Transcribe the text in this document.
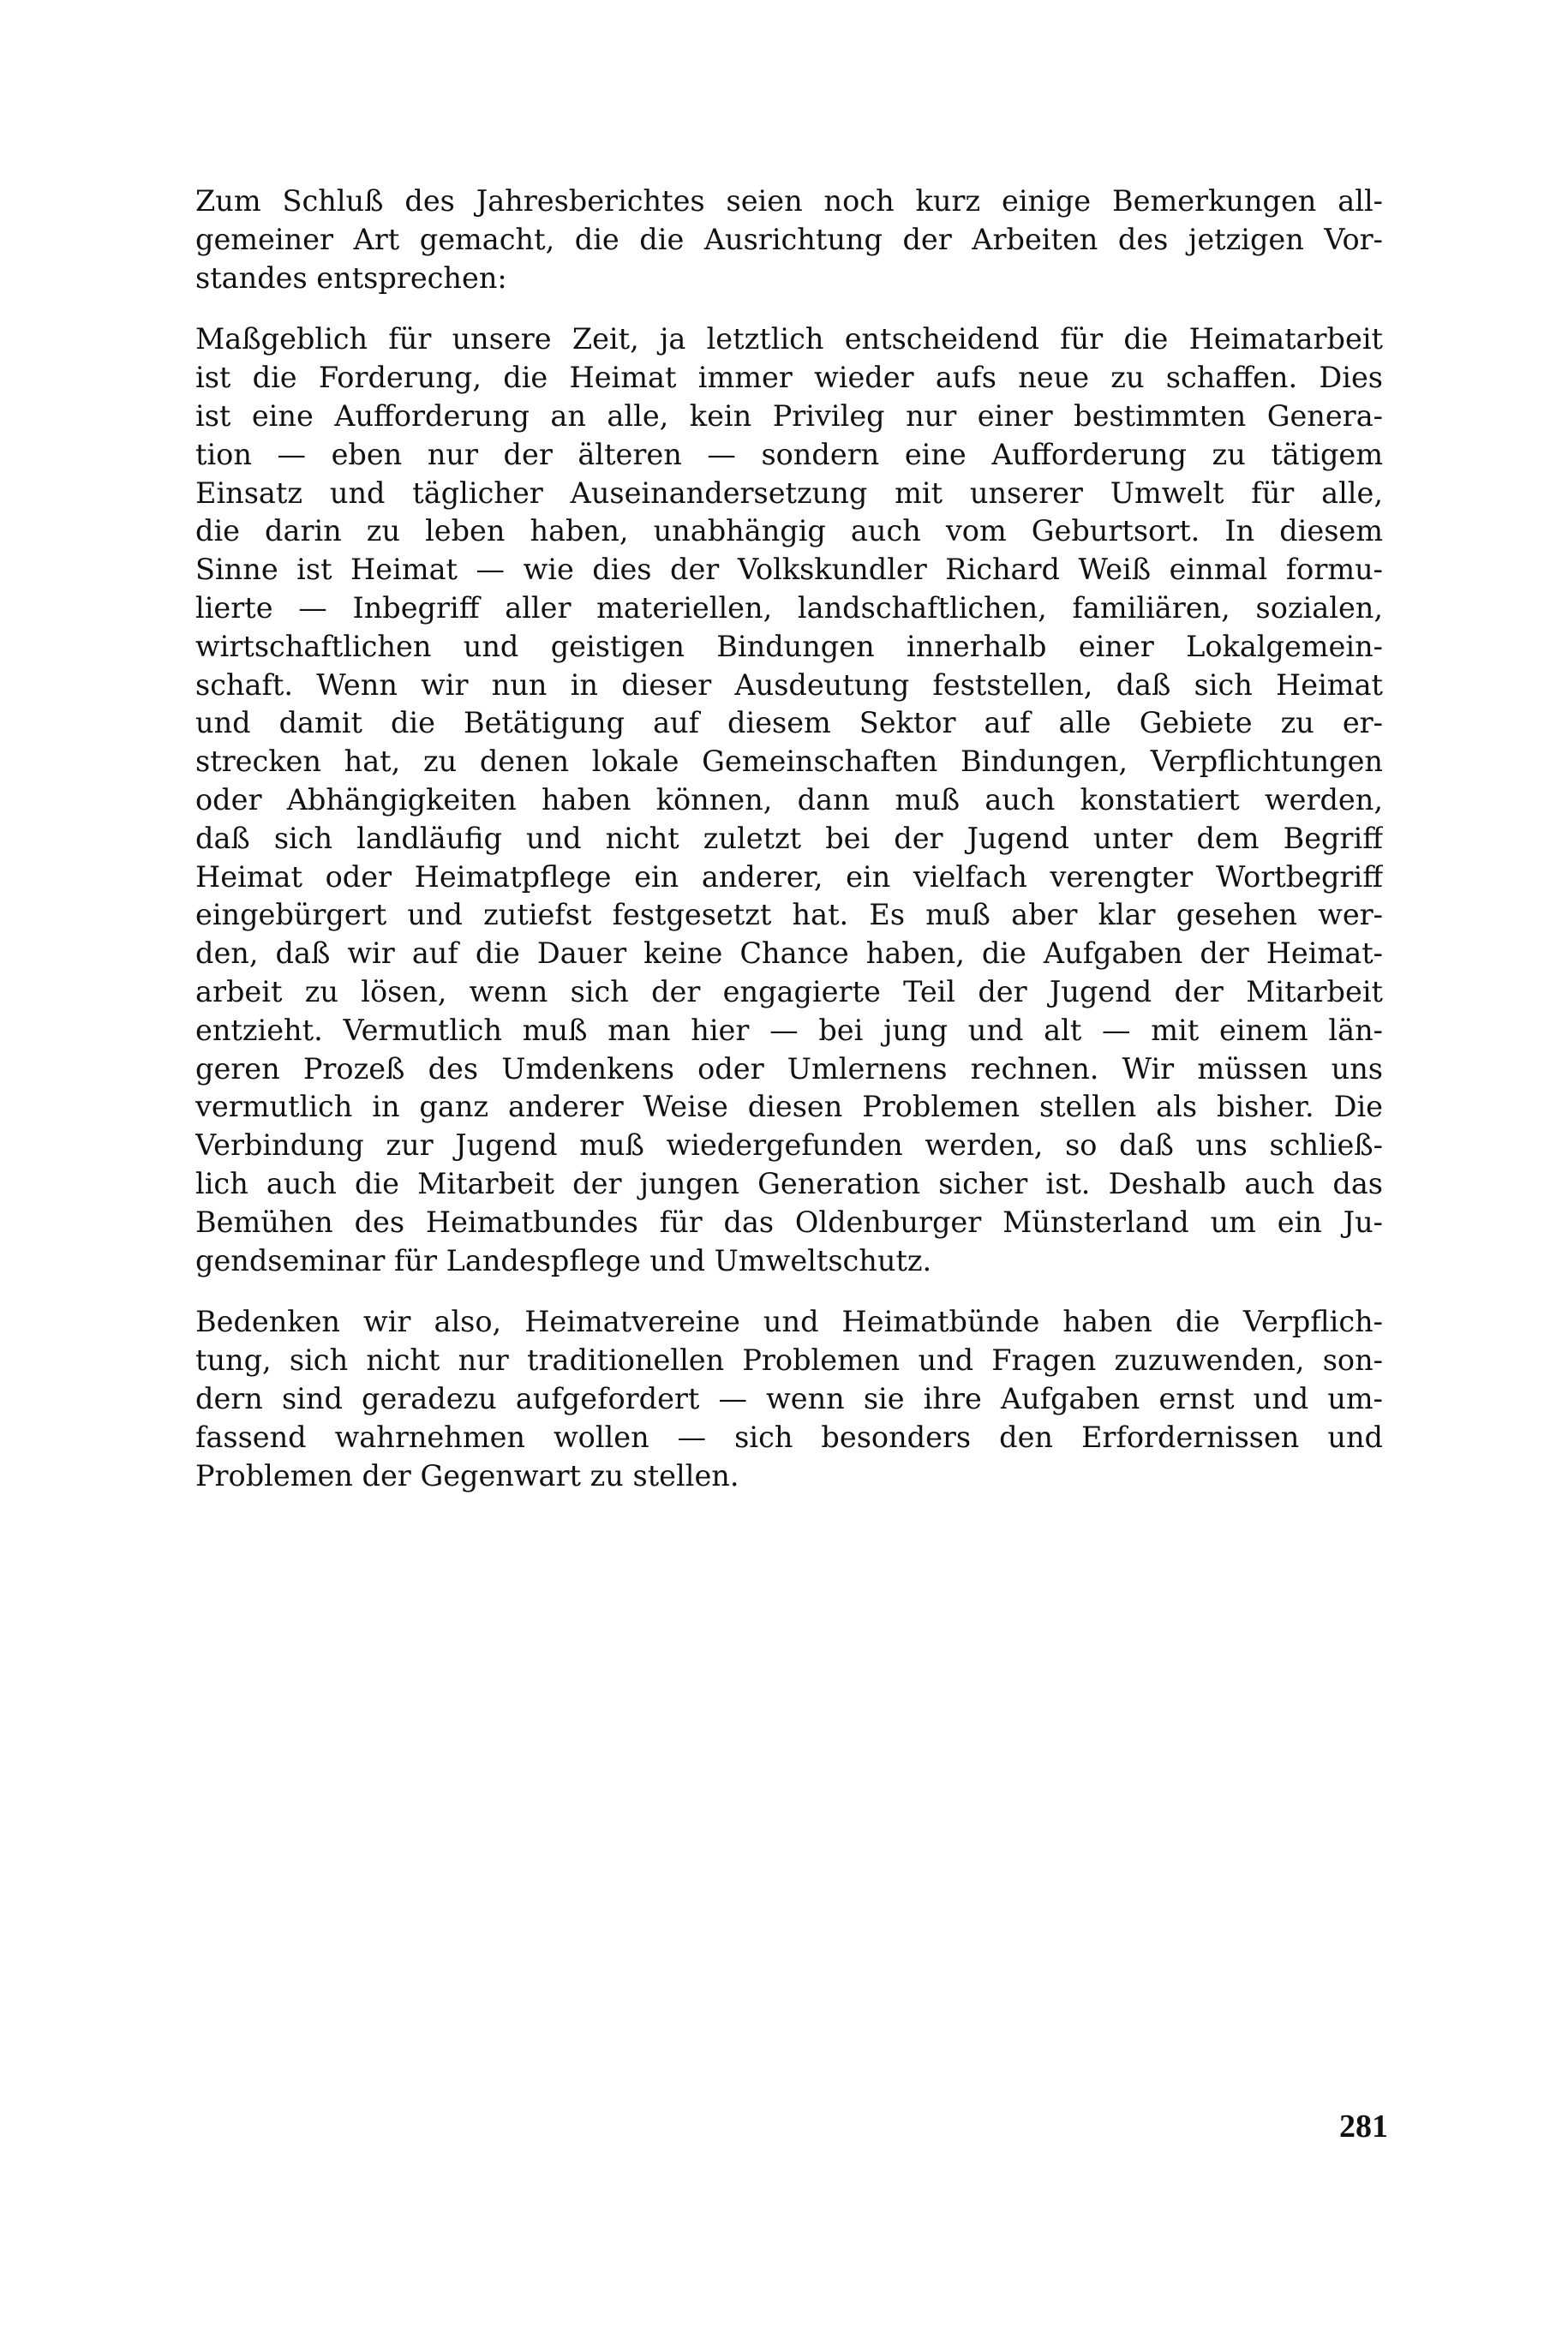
Zum Schluß des Jahresberichtes seien noch kurz einige Bemerkungen all-
gemeiner Art gemacht, die die Ausrichtung der Arbeiten des jetzigen Vor-
standes entsprechen:

Maßgeblich für unsere Zeit, ja letztlich entscheidend für die Heimatarbeit
ist die Forderung, die Heimat immer wieder aufs neue zu schaffen. Dies
ist eine Aufforderung an alle, kein Privileg nur einer bestimmten Genera-
tion — eben nur der älteren — sondern eine Aufforderung zu tätigem
Einsatz und täglicher Auseinandersetzung mit unserer Umwelt für alle,
die darin zu leben haben, unabhängig auch vom Geburtsort. In diesem
Sinne ist Heimat — wie dies der Volkskundler Richard Weiß einmal formu-
lierte — Inbegriff aller materiellen, landschaftlichen, familiären, sozialen,
wirtschaftlichen und geistigen Bindungen innerhalb einer Lokalgemein-
schaft. Wenn wir nun in dieser Ausdeutung feststellen, daß sich Heimat
und damit die Betätigung auf diesem Sektor auf alle Gebiete zu er-
strecken hat, zu denen lokale Gemeinschaften Bindungen, Verpflichtungen
oder Abhängigkeiten haben können, dann muß auch konstatiert werden,
daß sich landläufig und nicht zuletzt bei der Jugend unter dem Begriff
Heimat oder Heimatpflege ein anderer, ein vielfach verengter Wortbegriff
eingebürgert und zutiefst festgesetzt hat. Es muß aber klar gesehen wer-
den, daß wir auf die Dauer keine Chance haben, die Aufgaben der Heimat-
arbeit zu lösen, wenn sich der engagierte Teil der Jugend der Mitarbeit
entzieht. Vermutlich muß man hier — bei jung und alt — mit einem län-
geren Prozeß des Umdenkens oder Umlernens rechnen. Wir müssen uns
vermutlich in ganz anderer Weise diesen Problemen stellen als bisher. Die
Verbindung zur Jugend muß wiedergefunden werden, so daß uns schließ-
lich auch die Mitarbeit der jungen Generation sicher ist. Deshalb auch das
Bemühen des Heimatbundes für das Oldenburger Münsterland um ein Ju-
gendseminar für Landespflege und Umweltschutz.

Bedenken wir also, Heimatvereine und Heimatbünde haben die Verpflich-
tung, sich nicht nur traditionellen Problemen und Fragen zuzuwenden, son-
dern sind geradezu aufgefordert — wenn sie ihre Aufgaben ernst und um-
fassend wahrnehmen wollen — sich besonders den Erfordernissen und
Problemen der Gegenwart zu stellen.

281
